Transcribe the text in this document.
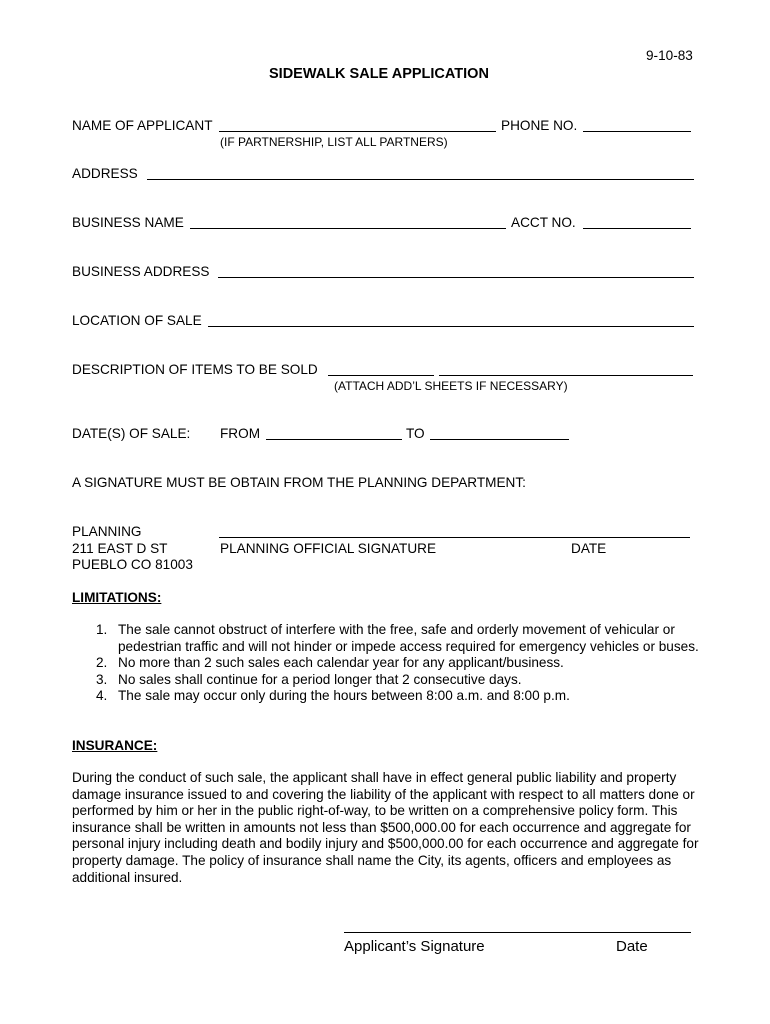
9-10-83
SIDEWALK SALE APPLICATION
NAME OF APPLICANT	PHONE NO.
(IF PARTNERSHIP, LIST ALL PARTNERS)
ADDRESS
BUSINESS NAME	ACCT NO.
BUSINESS ADDRESS
LOCATION OF SALE
DESCRIPTION OF ITEMS TO BE SOLD
(ATTACH ADD’L SHEETS IF NECESSARY)
DATE(S) OF SALE: FROM	TO
A SIGNATURE MUST BE OBTAIN FROM THE PLANNING DEPARTMENT:
PLANNING
211 EAST D ST
PUEBLO CO 81003
PLANNING OFFICIAL SIGNATURE	DATE
LIMITATIONS:
1. The sale cannot obstruct of interfere with the free, safe and orderly movement of vehicular or pedestrian traffic and will not hinder or impede access required for emergency vehicles or buses.
2. No more than 2 such sales each calendar year for any applicant/business.
3. No sales shall continue for a period longer that 2 consecutive days.
4. The sale may occur only during the hours between 8:00 a.m. and 8:00 p.m.
INSURANCE:
During the conduct of such sale, the applicant shall have in effect general public liability and property damage insurance issued to and covering the liability of the applicant with respect to all matters done or performed by him or her in the public right-of-way, to be written on a comprehensive policy form. This insurance shall be written in amounts not less than $500,000.00 for each occurrence and aggregate for personal injury including death and bodily injury and $500,000.00 for each occurrence and aggregate for property damage. The policy of insurance shall name the City, its agents, officers and employees as additional insured.
Applicant’s Signature	Date
